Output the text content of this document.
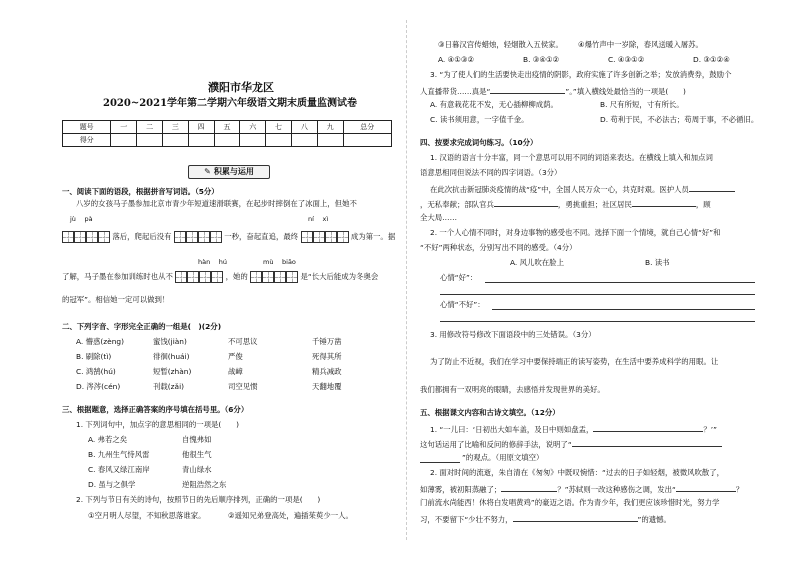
濮阳市华龙区
2020~2021学年第二学期六年级语文期末质量监测试卷
题号	一	二	三	四	五	六	七	八	九	总分
得分										
✎ 积累与运用
一、阅读下面的语段，根据拼音写词语。（5分）
八岁的女孩马子墨参加北京市青少年短道速滑联赛，在起步时摔倒在了冰面上，但她不
jù　 pà	ní　 xì
落后，爬起后没有	一秒，奋起直追，最终	成为第一。据
hàn　 hú	mù　 biāo
了解，马子墨在参加训练时也从不	，她的	是“长大后能成为冬奥会
的冠军”。相信她一定可以做到！
二、下列字音、字形完全正确的一组是(　)(2分)
A. 懵惑(zèng)	蜜饯(jiàn)	不可思议	千锤万凿
B. 刷除(tì)	徘徊(huái)	严俊	死得其所
C. 鸿鹄(hú)	短暂(zhàn)	战嶂	精兵减政
D. 涔涔(cén)	刊载(zǎi)	司空见惯	天翻地覆
三、根据题意，选择正确答案的序号填在括号里。（6分）
1. 下列词句中，加点字的意思相同的一项是(　　)
A. 弗若之矣	自愧弗如
B. 九州生气恃风雷	他很生气
C. 春风又绿江南岸	青山绿水
D. 虽与之俱学	逆阻浩然之东
2. 下列与节日有关的诗句，按照节日的先后顺序排列，正确的一项是(　　)
①空月明人尽望，不知秋思落谁家。	②遥知兄弟登高处，遍插茱萸少一人。
③日暮汉宫传蜡烛，轻烟散入五侯家。 ④爆竹声中一岁除，春风送暖入屠苏。
A. ④①③②	B. ③④①②	C. ④③①②	D. ③①②④
3. “为了使人们的生活要快走出疫情的阴影，政府实施了许多创新之举；发放消费券，鼓励个
人直播带货……真是“	”。”填入横线处最恰当的一项是(　　)
A. 有意栽花花不发，无心插柳柳成荫。	B. 尺有所短，寸有所长。
C. 读书须用意，一字值千金。	D. 苟利于民，不必法古；苟周于事，不必循旧。
四、按要求完成词句练习。（10分）
1. 汉语的语言十分丰富，同一个意思可以用不同的词语来表达。在横线上填入和加点词
语意思相同但说法不同的四字词语。（3分）
在此次抗击新冠肺炎疫情的战“疫”中，全国人民万众一心，共克时艰。医护人员
，无私奉献；部队官兵	，勇挑重担；社区居民	，顾
全大局……
2. 一个人心情不同时，对身边事物的感受也不同。选择下面一个情境，就自己心情“好”和
“不好”两种状态，分别写出不同的感受。（4分）
A. 风儿吹在脸上	B. 读书
心情“好”：
心情“不好”：
3. 用修改符号修改下面语段中的三处错误。（3分）
为了防止不近视，我们在学习中要保持端正的读写姿势，在生活中要养成科学的用眼。让
我们都拥有一双明亮的眼睛，去感悟并发现世界的美好。
五、根据课文内容和古诗文填空。（12分）
1. “一儿曰：‘日初出大如车盖，及日中则如盘盂，	？’”
这句话运用了比喻和反问的修辞手法，说明了“
”的观点。（用原文填空）
2. 面对时间的流逝，朱自清在《匆匆》中既叹惋惜：“过去的日子如轻烟，被微风吹散了，
如薄雾，被初阳蒸融了；	？”苏轼则一改这种感伤之调，发出“	？
门前流水尚能西！休将白发唱黄鸡”的豪迈之语。作为青少年，我们更应该珍惜时光，努力学
习，不要留下“少壮不努力，	”的遗憾。
